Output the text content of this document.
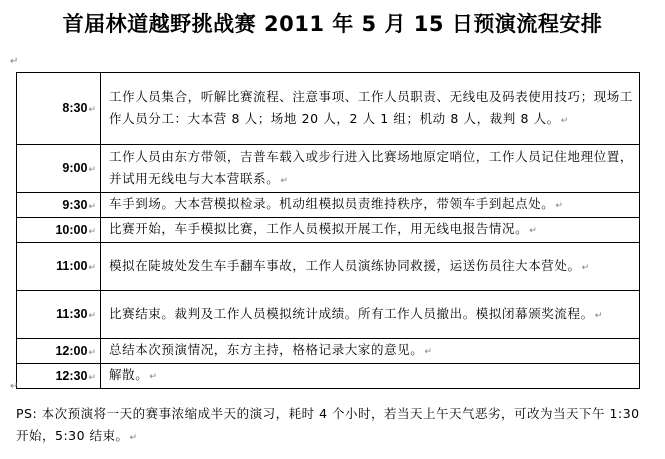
首届林道越野挑战赛 2011 年 5 月 15 日预演流程安排
↵
8:30↵	工作人员集合，听解比赛流程、注意事项、工作人员职责、无线电及码表使用技巧；现场工作人员分工：大本营 8 人；场地 20 人，2 人 1 组；机动 8 人，裁判 8 人。↵
9:00↵	工作人员由东方带领，吉普车载入或步行进入比赛场地原定哨位，工作人员记住地理位置，并试用无线电与大本营联系。↵
9:30↵	车手到场。大本营模拟检录。机动组模拟员责维持秩序，带领车手到起点处。↵
10:00↵	比赛开始，车手模拟比赛，工作人员模拟开展工作，用无线电报告情况。↵
11:00↵	模拟在陡坡处发生车手翻车事故，工作人员演练协同救援，运送伤员往大本营处。↵
11:30↵	比赛结束。裁判及工作人员模拟统计成绩。所有工作人员撤出。模拟闭幕颁奖流程。↵
12:00↵	总结本次预演情况，东方主持，格格记录大家的意见。↵
12:30↵	解散。↵
↵
PS: 本次预演将一天的赛事浓缩成半天的演习，耗时 4 个小时，若当天上午天气恶劣，可改为当天下午 1:30 开始，5:30 结束。↵
